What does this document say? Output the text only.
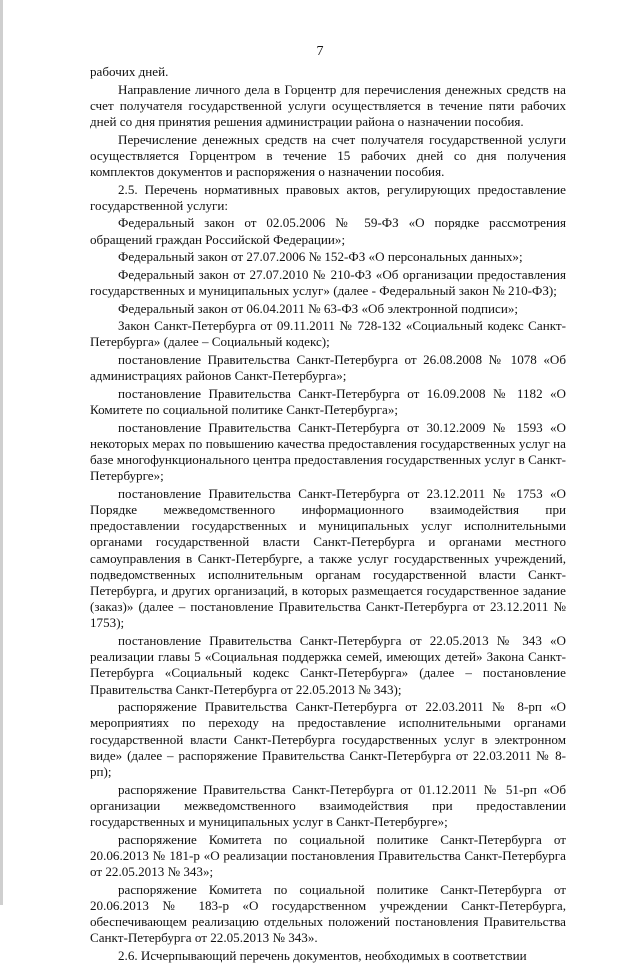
7

рабочих дней.

Направление личного дела в Горцентр для перечисления денежных средств на счет получателя государственной услуги осуществляется в течение пяти рабочих дней со дня принятия решения администрации района о назначении пособия.

Перечисление денежных средств на счет получателя государственной услуги осуществляется Горцентром в течение 15 рабочих дней со дня получения комплектов документов и распоряжения о назначении пособия.

2.5. Перечень нормативных правовых актов, регулирующих предоставление государственной услуги:

Федеральный закон от 02.05.2006 № 59-ФЗ «О порядке рассмотрения обращений граждан Российской Федерации»;

Федеральный закон от 27.07.2006 № 152-ФЗ «О персональных данных»;

Федеральный закон от 27.07.2010 № 210-ФЗ «Об организации предоставления государственных и муниципальных услуг» (далее - Федеральный закон № 210-ФЗ);

Федеральный закон от 06.04.2011 № 63-ФЗ «Об электронной подписи»;

Закон Санкт-Петербурга от 09.11.2011 № 728-132 «Социальный кодекс Санкт-Петербурга» (далее – Социальный кодекс);

постановление Правительства Санкт-Петербурга от 26.08.2008 № 1078 «Об администрациях районов Санкт-Петербурга»;

постановление Правительства Санкт-Петербурга от 16.09.2008 № 1182 «О Комитете по социальной политике Санкт-Петербурга»;

постановление Правительства Санкт-Петербурга от 30.12.2009 № 1593 «О некоторых мерах по повышению качества предоставления государственных услуг на базе многофункционального центра предоставления государственных услуг в Санкт-Петербурге»;

постановление Правительства Санкт-Петербурга от 23.12.2011 № 1753 «О Порядке межведомственного информационного взаимодействия при предоставлении государственных и муниципальных услуг исполнительными органами государственной власти Санкт-Петербурга и органами местного самоуправления в Санкт-Петербурге, а также услуг государственных учреждений, подведомственных исполнительным органам государственной власти Санкт-Петербурга, и других организаций, в которых размещается государственное задание (заказ)» (далее – постановление Правительства Санкт-Петербурга от 23.12.2011 № 1753);

постановление Правительства Санкт-Петербурга от 22.05.2013 № 343 «О реализации главы 5 «Социальная поддержка семей, имеющих детей» Закона Санкт-Петербурга «Социальный кодекс Санкт-Петербурга» (далее – постановление Правительства Санкт-Петербурга от 22.05.2013 № 343);

распоряжение Правительства Санкт-Петербурга от 22.03.2011 № 8-рп «О мероприятиях по переходу на предоставление исполнительными органами государственной власти Санкт-Петербурга государственных услуг в электронном виде» (далее – распоряжение Правительства Санкт-Петербурга от 22.03.2011 № 8-рп);

распоряжение Правительства Санкт-Петербурга от 01.12.2011 № 51-рп «Об организации межведомственного взаимодействия при предоставлении государственных и муниципальных услуг в Санкт-Петербурге»;

распоряжение Комитета по социальной политике Санкт-Петербурга от 20.06.2013 № 181-р «О реализации постановления Правительства Санкт-Петербурга от 22.05.2013 № 343»;

распоряжение Комитета по социальной политике Санкт-Петербурга от 20.06.2013 № 183-р «О государственном учреждении Санкт-Петербурга, обеспечивающем реализацию отдельных положений постановления Правительства Санкт-Петербурга от 22.05.2013 № 343».

2.6. Исчерпывающий перечень документов, необходимых в соответствии
